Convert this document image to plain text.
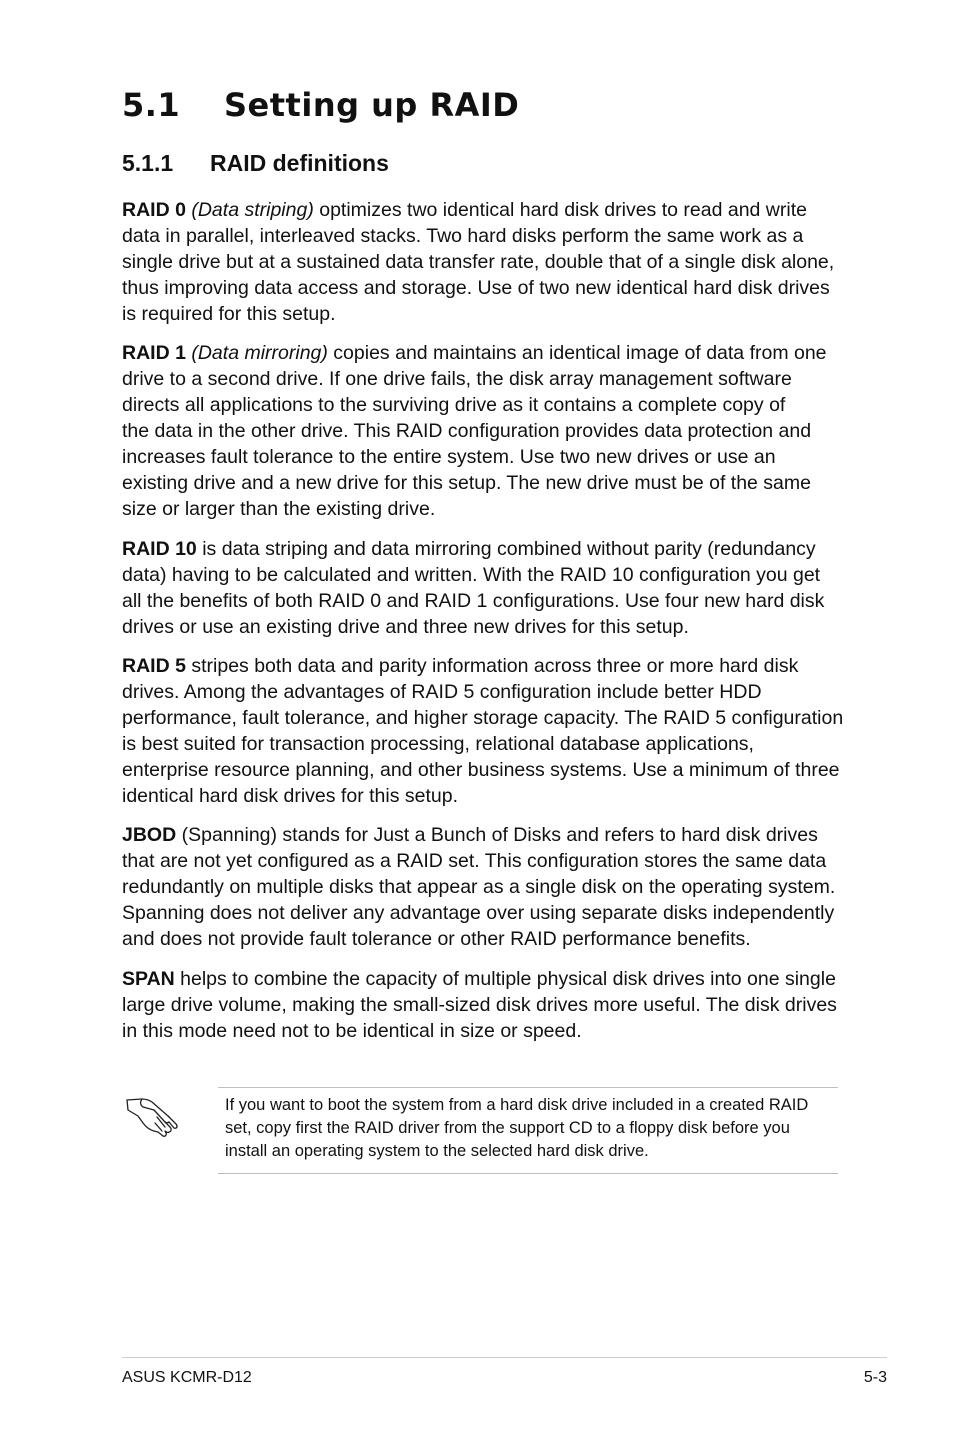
5.1 Setting up RAID
5.1.1 RAID definitions

RAID 0 (Data striping) optimizes two identical hard disk drives to read and write
data in parallel, interleaved stacks. Two hard disks perform the same work as a
single drive but at a sustained data transfer rate, double that of a single disk alone,
thus improving data access and storage. Use of two new identical hard disk drives
is required for this setup.

RAID 1 (Data mirroring) copies and maintains an identical image of data from one
drive to a second drive. If one drive fails, the disk array management software
directs all applications to the surviving drive as it contains a complete copy of
the data in the other drive. This RAID configuration provides data protection and
increases fault tolerance to the entire system. Use two new drives or use an
existing drive and a new drive for this setup. The new drive must be of the same
size or larger than the existing drive.

RAID 10 is data striping and data mirroring combined without parity (redundancy
data) having to be calculated and written. With the RAID 10 configuration you get
all the benefits of both RAID 0 and RAID 1 configurations. Use four new hard disk
drives or use an existing drive and three new drives for this setup.

RAID 5 stripes both data and parity information across three or more hard disk
drives. Among the advantages of RAID 5 configuration include better HDD
performance, fault tolerance, and higher storage capacity. The RAID 5 configuration
is best suited for transaction processing, relational database applications,
enterprise resource planning, and other business systems. Use a minimum of three
identical hard disk drives for this setup.

JBOD (Spanning) stands for Just a Bunch of Disks and refers to hard disk drives
that are not yet configured as a RAID set. This configuration stores the same data
redundantly on multiple disks that appear as a single disk on the operating system.
Spanning does not deliver any advantage over using separate disks independently
and does not provide fault tolerance or other RAID performance benefits.

SPAN helps to combine the capacity of multiple physical disk drives into one single
large drive volume, making the small-sized disk drives more useful. The disk drives
in this mode need not to be identical in size or speed.

If you want to boot the system from a hard disk drive included in a created RAID
set, copy first the RAID driver from the support CD to a floppy disk before you
install an operating system to the selected hard disk drive.
ASUS KCMR-D12	5-3
